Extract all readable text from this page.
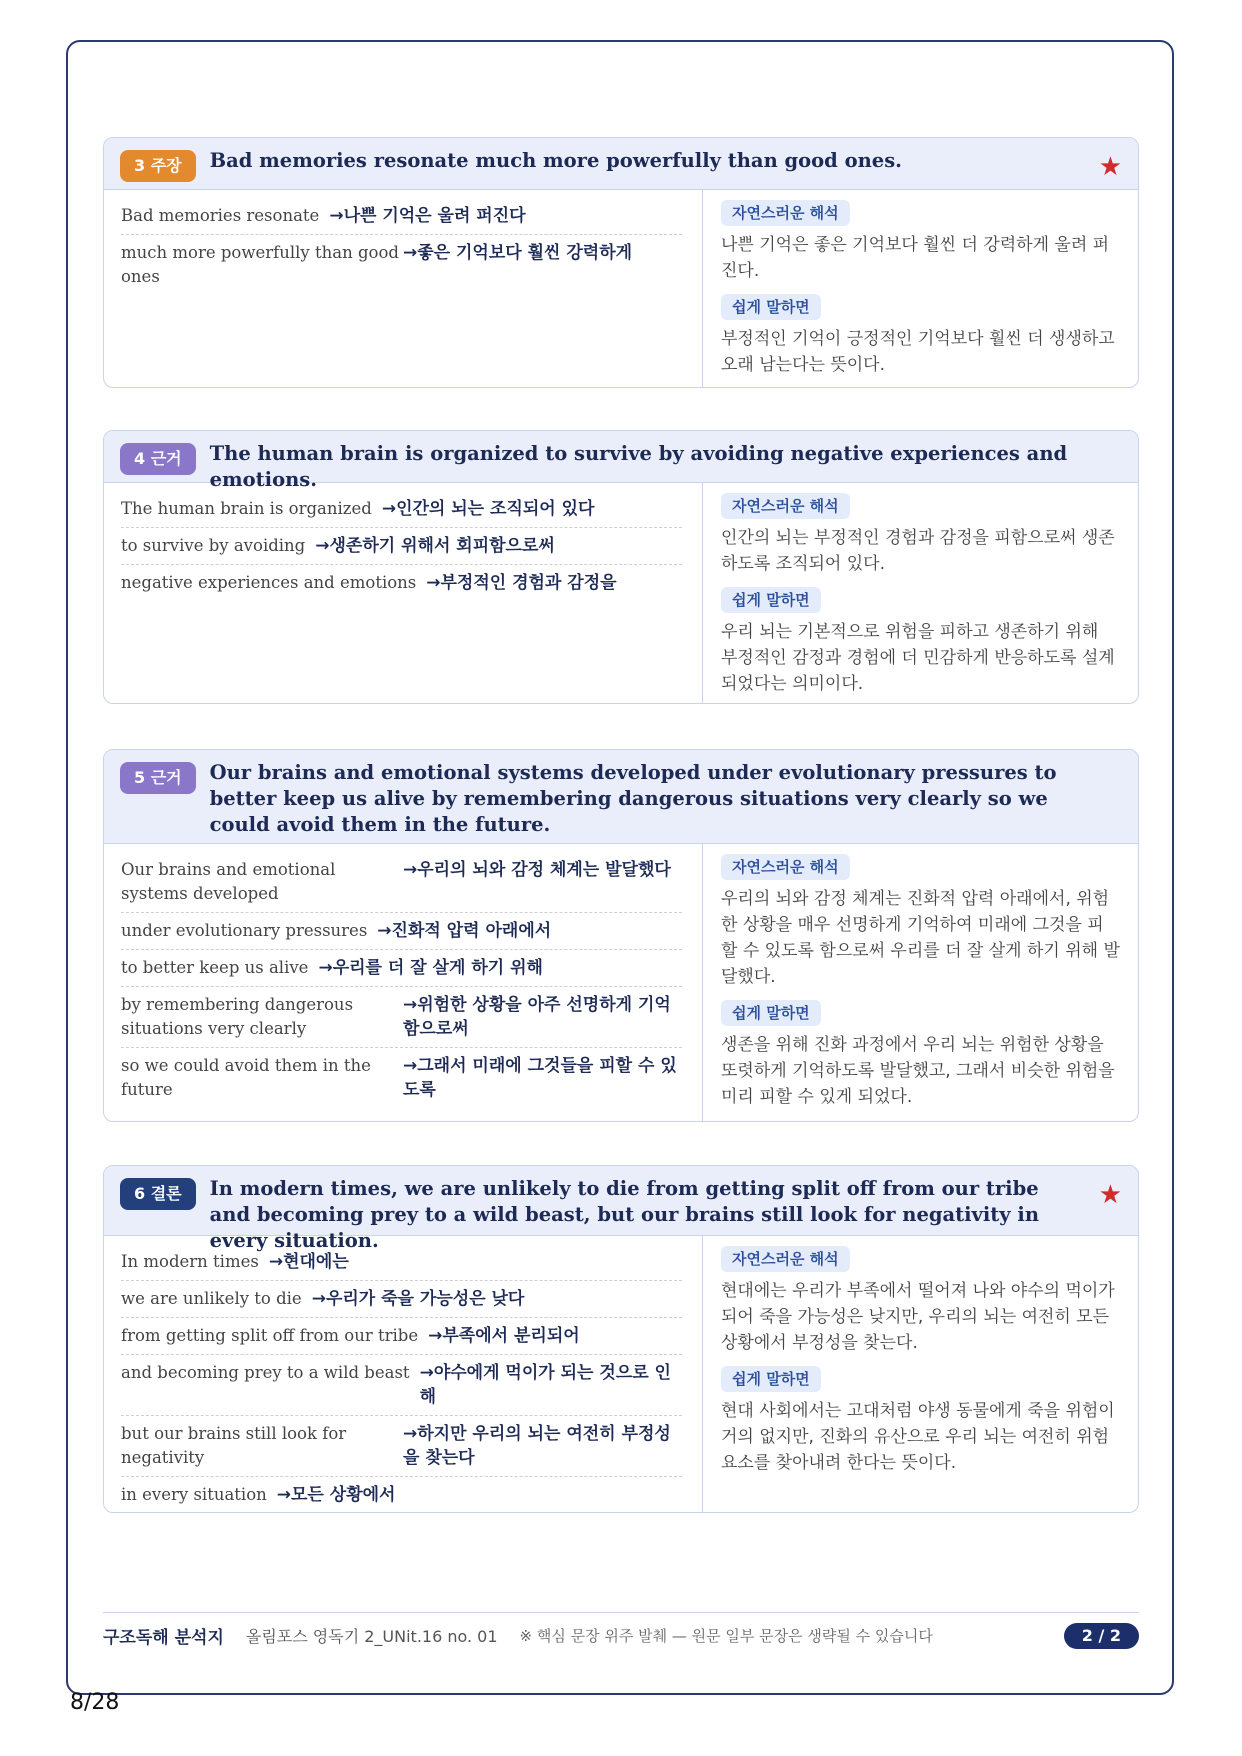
3 주장	Bad memories resonate much more powerfully than good ones.	★
Bad memories resonate →나쁜 기억은 울려 퍼진다
much more powerfully than good ones
→좋은 기억보다 훨씬 강력하게
자연스러운 해석
나쁜 기억은 좋은 기억보다 훨씬 더 강력하게 울려 퍼진다.
쉽게 말하면
부정적인 기억이 긍정적인 기억보다 훨씬 더 생생하고 오래 남는다는 뜻이다.
4 근거	The human brain is organized to survive by avoiding negative experiences and emotions.
The human brain is organized →인간의 뇌는 조직되어 있다
to survive by avoiding →생존하기 위해서 회피함으로써
negative experiences and emotions →부정적인 경험과 감정을
자연스러운 해석
인간의 뇌는 부정적인 경험과 감정을 피함으로써 생존하도록 조직되어 있다.
쉽게 말하면
우리 뇌는 기본적으로 위험을 피하고 생존하기 위해 부정적인 감정과 경험에 더 민감하게 반응하도록 설계되었다는 의미이다.
5 근거	Our brains and emotional systems developed under evolutionary pressures to better keep us alive by remembering dangerous situations very clearly so we could avoid them in the future.
Our brains and emotional systems developed
→우리의 뇌와 감정 체계는 발달했다
under evolutionary pressures →진화적 압력 아래에서
to better keep us alive →우리를 더 잘 살게 하기 위해
by remembering dangerous situations very clearly
→위험한 상황을 아주 선명하게 기억함으로써
so we could avoid them in the future
→그래서 미래에 그것들을 피할 수 있도록
자연스러운 해석
우리의 뇌와 감정 체계는 진화적 압력 아래에서, 위험한 상황을 매우 선명하게 기억하여 미래에 그것을 피할 수 있도록 함으로써 우리를 더 잘 살게 하기 위해 발달했다.
쉽게 말하면
생존을 위해 진화 과정에서 우리 뇌는 위험한 상황을 또렷하게 기억하도록 발달했고, 그래서 비슷한 위험을 미리 피할 수 있게 되었다.
6 결론	In modern times, we are unlikely to die from getting split off from our tribe and becoming prey to a wild beast, but our brains still look for negativity in every situation.
★
In modern times →현대에는
we are unlikely to die →우리가 죽을 가능성은 낮다
from getting split off from our tribe →부족에서 분리되어
and becoming prey to a wild beast →야수에게 먹이가 되는 것으로 인해
but our brains still look for negativity
→하지만 우리의 뇌는 여전히 부정성을 찾는다
in every situation →모든 상황에서
자연스러운 해석
현대에는 우리가 부족에서 떨어져 나와 야수의 먹이가 되어 죽을 가능성은 낮지만, 우리의 뇌는 여전히 모든 상황에서 부정성을 찾는다.
쉽게 말하면
현대 사회에서는 고대처럼 야생 동물에게 죽을 위험이 거의 없지만, 진화의 유산으로 우리 뇌는 여전히 위험 요소를 찾아내려 한다는 뜻이다.
구조독해 분석지 올림포스 영독기 2_UNit.16 no. 01 ※ 핵심 문장 위주 발췌 — 원문 일부 문장은 생략될 수 있습니다	2 / 2
8/28
